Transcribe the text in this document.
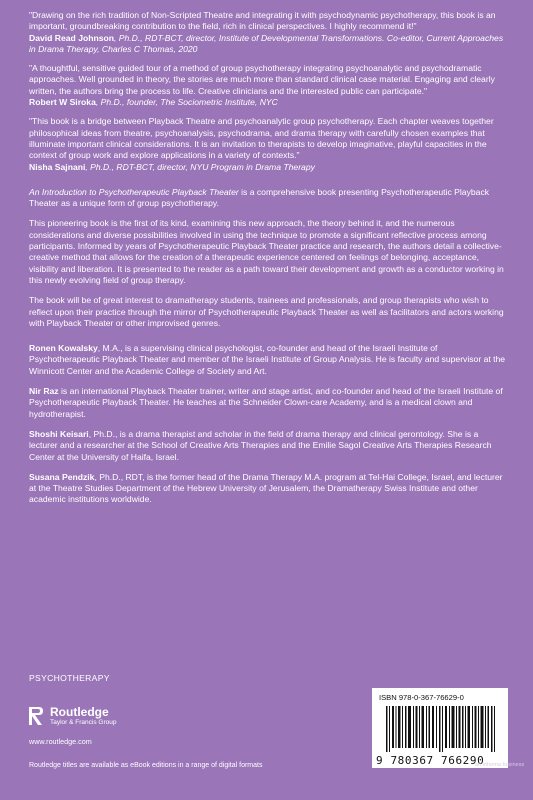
"Drawing on the rich tradition of Non-Scripted Theatre and integrating it with psychodynamic psychotherapy, this book is an important, groundbreaking contribution to the field, rich in clinical perspectives. I highly recommend it!"

David Read Johnson, Ph.D., RDT-BCT, director, Institute of Developmental Transformations. Co-editor, Current Approaches in Drama Therapy, Charles C Thomas, 2020

"A thoughtful, sensitive guided tour of a method of group psychotherapy integrating psychoanalytic and psychodramatic approaches. Well grounded in theory, the stories are much more than standard clinical case material. Engaging and clearly written, the authors bring the process to life. Creative clinicians and the interested public can participate."

Robert W Siroka, Ph.D., founder, The Sociometric Institute, NYC

"This book is a bridge between Playback Theatre and psychoanalytic group psychotherapy. Each chapter weaves together philosophical ideas from theatre, psychoanalysis, psychodrama, and drama therapy with carefully chosen examples that illuminate important clinical considerations. It is an invitation to therapists to develop imaginative, playful capacities in the context of group work and explore applications in a variety of contexts."

Nisha Sajnani, Ph.D., RDT-BCT, director, NYU Program in Drama Therapy

An Introduction to Psychotherapeutic Playback Theater is a comprehensive book presenting Psychotherapeutic Playback Theater as a unique form of group psychotherapy.

This pioneering book is the first of its kind, examining this new approach, the theory behind it, and the numerous considerations and diverse possibilities involved in using the technique to promote a significant reflective process among participants. Informed by years of Psychotherapeutic Playback Theater practice and research, the authors detail a collective-creative method that allows for the creation of a therapeutic experience centered on feelings of belonging, acceptance, visibility and liberation. It is presented to the reader as a path toward their development and growth as a conductor working in this newly evolving field of group therapy.

The book will be of great interest to dramatherapy students, trainees and professionals, and group therapists who wish to reflect upon their practice through the mirror of Psychotherapeutic Playback Theater as well as facilitators and actors working with Playback Theater or other improvised genres.

Ronen Kowalsky, M.A., is a supervising clinical psychologist, co-founder and head of the Israeli Institute of Psychotherapeutic Playback Theater and member of the Israeli Institute of Group Analysis. He is faculty and supervisor at the Winnicott Center and the Academic College of Society and Art.

Nir Raz is an international Playback Theater trainer, writer and stage artist, and co-founder and head of the Israeli Institute of Psychotherapeutic Playback Theater. He teaches at the Schneider Clown-care Academy, and is a medical clown and hydrotherapist.

Shoshi Keisari, Ph.D., is a drama therapist and scholar in the field of drama therapy and clinical gerontology. She is a lecturer and a researcher at the School of Creative Arts Therapies and the Emilie Sagol Creative Arts Therapies Research Center at the University of Haifa, Israel.

Susana Pendzik, Ph.D., RDT, is the former head of the Drama Therapy M.A. program at Tel-Hai College, Israel, and lecturer at the Theatre Studies Department of the Hebrew University of Jerusalem, the Dramatherapy Swiss Institute and other academic institutions worldwide.

PSYCHOTHERAPY
Routledge
Taylor & Francis Group
www.routledge.com
Routledge titles are available as eBook editions in a range of digital formats
ISBN 978-0-367-76629-0
9 780367 766290
an informa business
